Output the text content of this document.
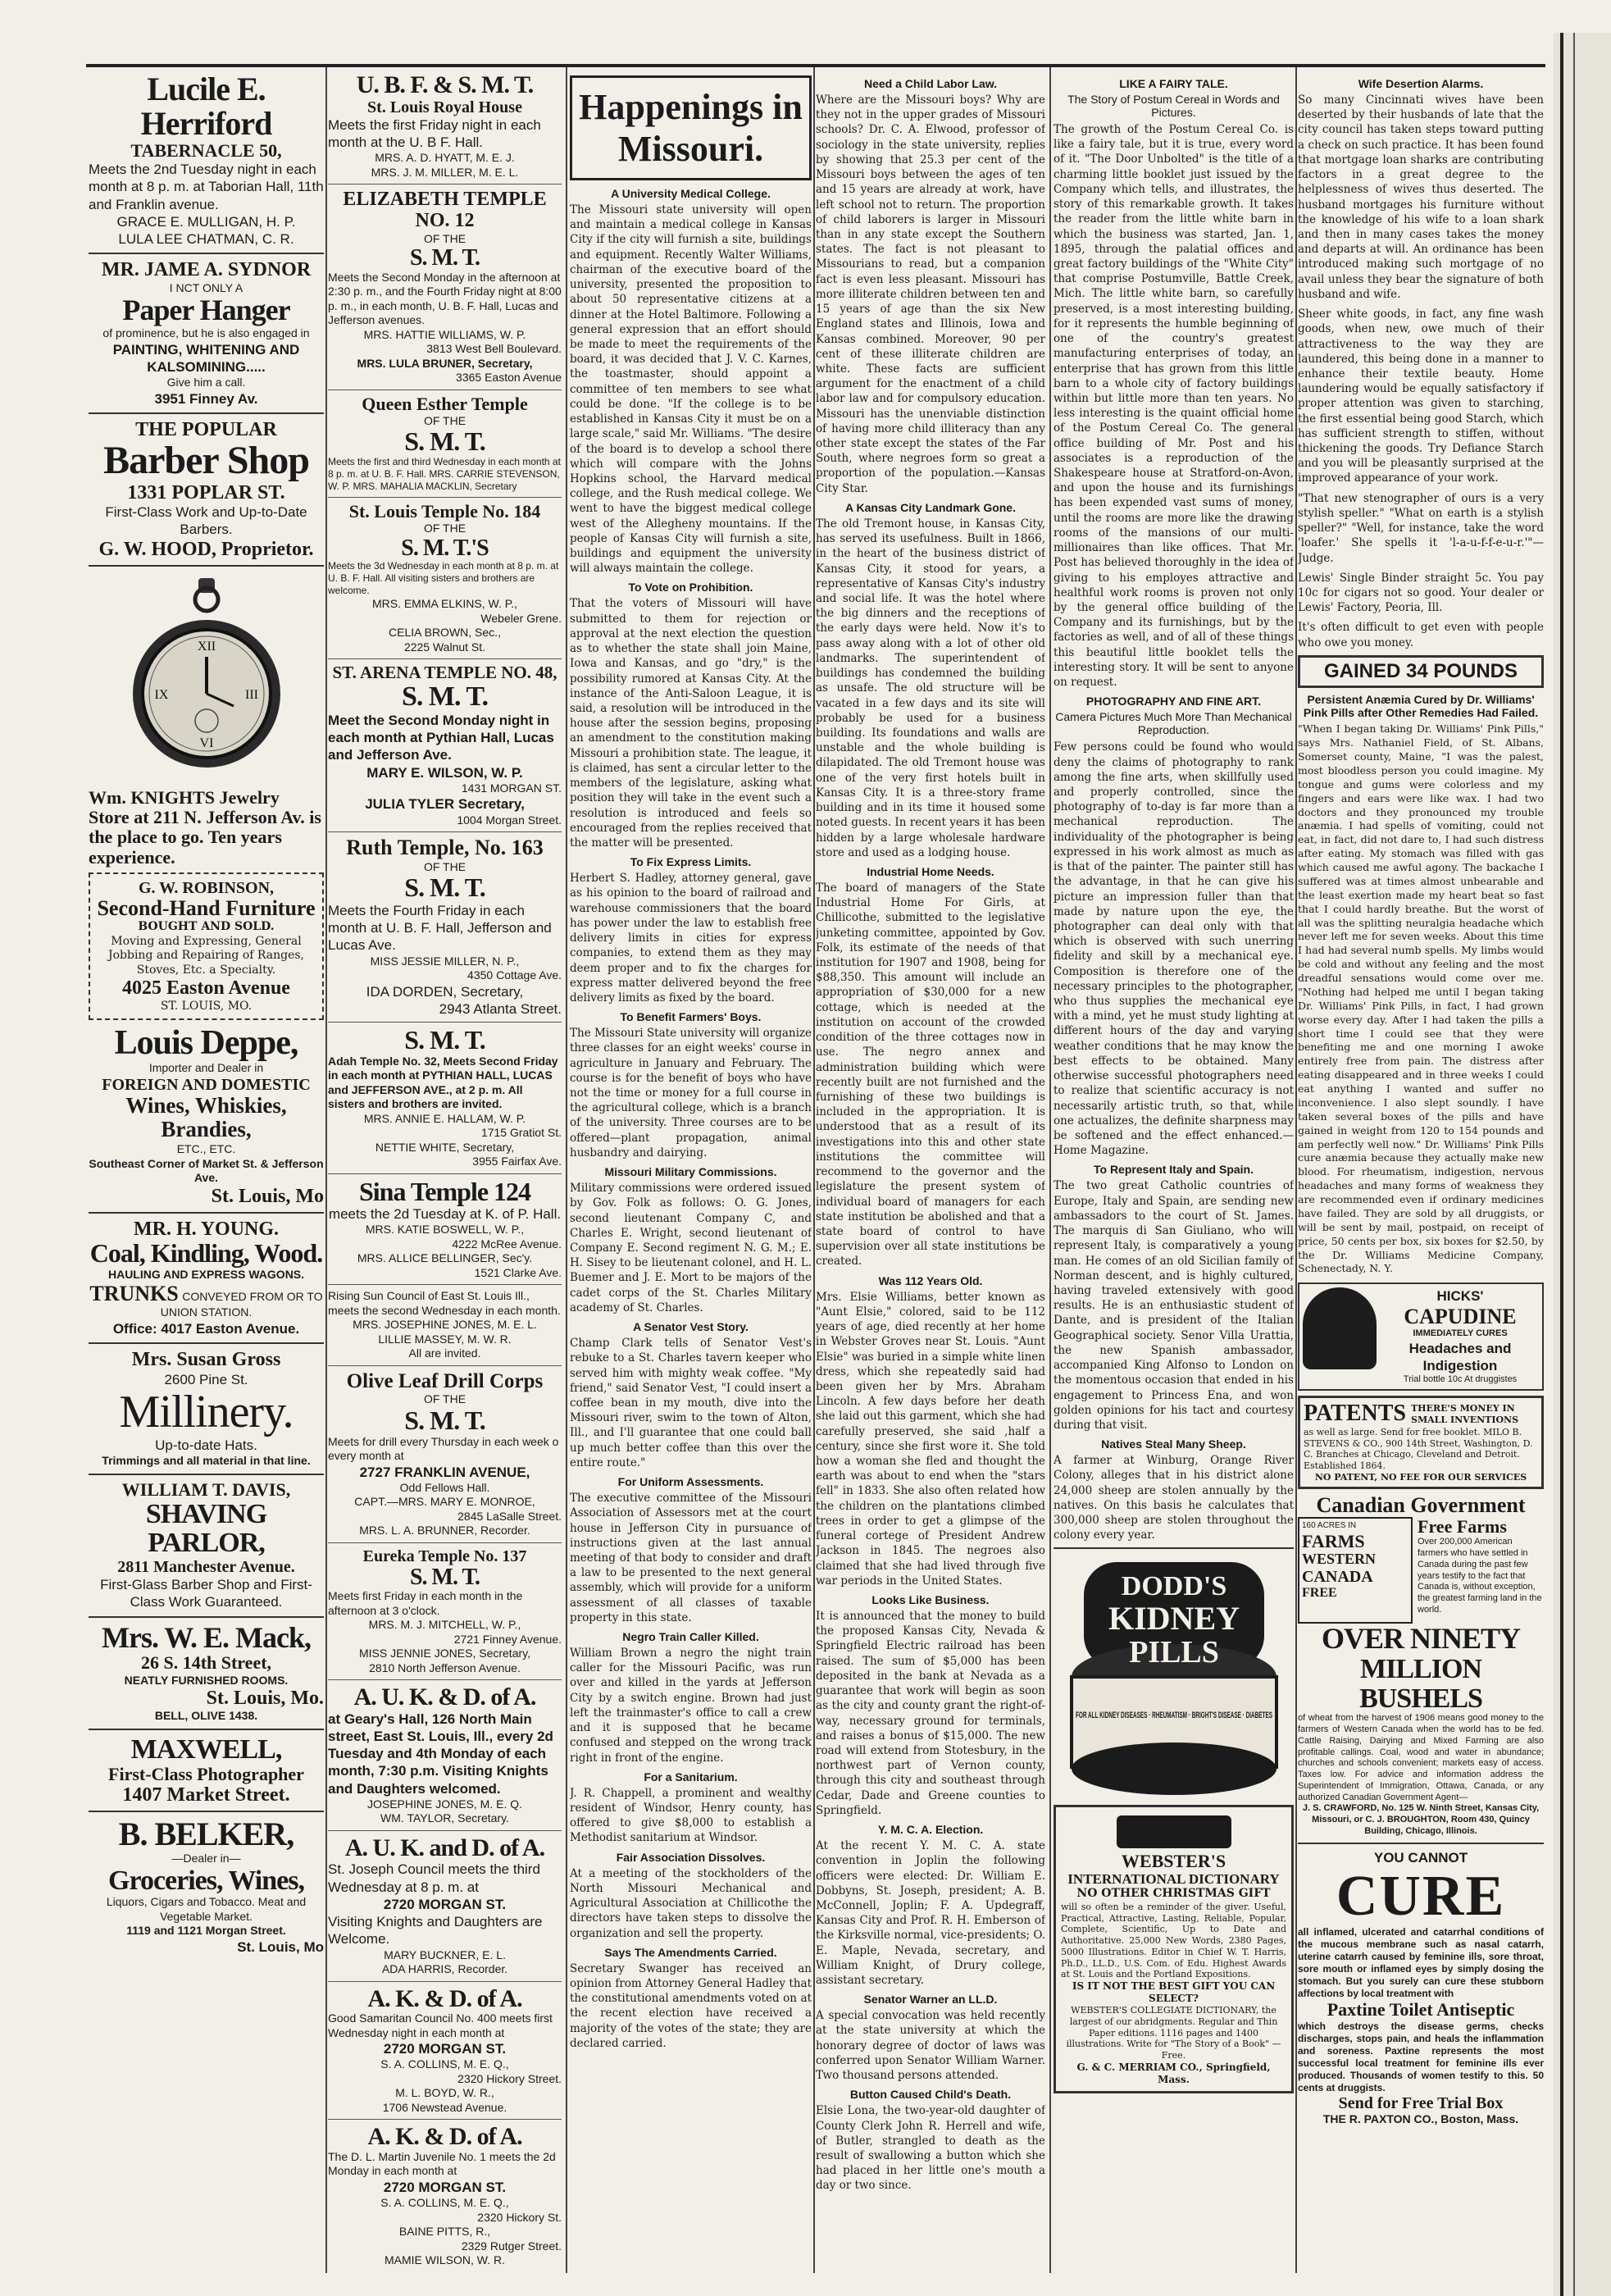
Lucile E. Herriford

TABERNACLE 50,

Meets the 2nd Tuesday night in each month at 8 p. m. at Taborian Hall, 11th and Franklin avenue.

GRACE E. MULLIGAN, H. P.
LULA LEE CHATMAN, C. R.

MR. JAME A. SYDNOR

I NCT ONLY A

Paper Hanger

of prominence, but he is also engaged in

PAINTING, WHITENING AND KALSOMINING.....

Give him a call.

3951 Finney Av.

THE POPULAR

Barber Shop

1331 POPLAR ST.

First-Class Work and Up-to-Date Barbers.

G. W. HOOD, Proprietor.

XII
III
VI
IX

Wm. KNIGHTS Jewelry Store at 211 N. Jefferson Av. is the place to go. Ten years experience.

G. W. ROBINSON,

Second-Hand Furniture

BOUGHT AND SOLD.

Moving and Expressing, General Jobbing and Repairing of Ranges, Stoves, Etc. a Specialty.

4025 Easton Avenue

ST. LOUIS, MO.

Louis Deppe,

Importer and Dealer in

FOREIGN AND DOMESTIC

Wines, Whiskies, Brandies,

ETC., ETC.

Southeast Corner of Market St. & Jefferson Ave.

St. Louis, Mo

MR. H. YOUNG.

Coal, Kindling, Wood.

HAULING AND EXPRESS WAGONS.

TRUNKS CONVEYED FROM OR TO UNION STATION.

Office: 4017 Easton Avenue.

Mrs. Susan Gross

2600 Pine St.

Millinery.

Up-to-date Hats.

Trimmings and all material in that line.

WILLIAM T. DAVIS,

SHAVING PARLOR,

2811 Manchester Avenue.

First-Glass Barber Shop and First-Class Work Guaranteed.

Mrs. W. E. Mack,

26 S. 14th Street,

NEATLY FURNISHED ROOMS.

St. Louis, Mo.

BELL, OLIVE 1438.

MAXWELL,

First-Class Photographer

1407 Market Street.

B. BELKER,

—Dealer in—

Groceries, Wines,

Liquors, Cigars and Tobacco. Meat and Vegetable Market.

1119 and 1121 Morgan Street.

St. Louis, Mo

U. B. F. & S. M. T.

St. Louis Royal House

Meets the first Friday night in each month at the U. B F. Hall.

MRS. A. D. HYATT, M. E. J.
MRS. J. M. MILLER, M. E. L.

ELIZABETH TEMPLE NO. 12

OF THE

S. M. T.

Meets the Second Monday in the afternoon at 2:30 p. m., and the Fourth Friday night at 8:00 p. m., in each month, U. B. F. Hall, Lucas and Jefferson avenues.

MRS. HATTIE WILLIAMS, W. P.

3813 West Bell Boulevard.

MRS. LULA BRUNER, Secretary,

3365 Easton Avenue

Queen Esther Temple

OF THE

S. M. T.

Meets the first and third Wednesday in each month at 8 p. m. at U. B. F. Hall. MRS. CARRIE STEVENSON, W. P. MRS. MAHALIA MACKLIN, Secretary

St. Louis Temple No. 184

OF THE

S. M. T.'S

Meets the 3d Wednesday in each month at 8 p. m. at U. B. F. Hall. All visiting sisters and brothers are welcome.

MRS. EMMA ELKINS, W. P.,

Webeler Grene.

CELIA BROWN, Sec.,

2225 Walnut St.

ST. ARENA TEMPLE NO. 48,

S. M. T.

Meet the Second Monday night in each month at Pythian Hall, Lucas and Jefferson Ave.

MARY E. WILSON, W. P.

1431 MORGAN ST.

JULIA TYLER Secretary,

1004 Morgan Street.

Ruth Temple, No. 163

OF THE

S. M. T.

Meets the Fourth Friday in each month at U. B. F. Hall, Jefferson and Lucas Ave.

MISS JESSIE MILLER, N. P.,

4350 Cottage Ave.

IDA DORDEN, Secretary,

2943 Atlanta Street.

S. M. T.

Adah Temple No. 32, Meets Second Friday in each month at PYTHIAN HALL, LUCAS and JEFFERSON AVE., at 2 p. m. All sisters and brothers are invited.

MRS. ANNIE E. HALLAM, W. P.

1715 Gratiot St.

NETTIE WHITE, Secretary,

3955 Fairfax Ave.

Sina Temple 124

meets the 2d Tuesday at K. of P. Hall.

MRS. KATIE BOSWELL, W. P.,

4222 McRee Avenue.

MRS. ALLICE BELLINGER, Sec'y.

1521 Clarke Ave.

Rising Sun Council of East St. Louis Ill., meets the second Wednesday in each month.

MRS. JOSEPHINE JONES, M. E. L.
LILLIE MASSEY, M. W. R.

All are invited.

Olive Leaf Drill Corps

OF THE

S. M. T.

Meets for drill every Thursday in each week o every month at

2727 FRANKLIN AVENUE,

Odd Fellows Hall.

CAPT.—MRS. MARY E. MONROE,

2845 LaSalle Street.

MRS. L. A. BRUNNER, Recorder.

Eureka Temple No. 137

S. M. T.

Meets first Friday in each month in the afternoon at 3 o'clock.

MRS. M. J. MITCHELL, W. P.,

2721 Finney Avenue.

MISS JENNIE JONES, Secretary,

2810 North Jefferson Avenue.

A. U. K. & D. of A.

at Geary's Hall, 126 North Main street, East St. Louis, Ill., every 2d Tuesday and 4th Monday of each month, 7:30 p.m. Visiting Knights and Daughters welcomed.

JOSEPHINE JONES, M. E. Q.
WM. TAYLOR, Secretary.

A. U. K. and D. of A.

St. Joseph Council meets the third Wednesday at 8 p. m. at

2720 MORGAN ST.

Visiting Knights and Daughters are Welcome.

MARY BUCKNER, E. L.

ADA HARRIS, Recorder.

A. K. & D. of A.

Good Samaritan Council No. 400 meets first Wednesday night in each month at

2720 MORGAN ST.

S. A. COLLINS, M. E. Q.,

2320 Hickory Street.

M. L. BOYD, W. R.,

1706 Newstead Avenue.

A. K. & D. of A.

The D. L. Martin Juvenile No. 1 meets the 2d Monday in each month at

2720 MORGAN ST.

S. A. COLLINS, M. E. Q.,

2320 Hickory St.

BAINE PITTS, R.,

2329 Rutger Street.

MAMIE WILSON, W. R.

Happenings in Missouri.

A University Medical College.

The Missouri state university will open and maintain a medical college in Kansas City if the city will furnish a site, buildings and equipment. Recently Walter Williams, chairman of the executive board of the university, presented the proposition to about 50 representative citizens at a dinner at the Hotel Baltimore. Following a general expression that an effort should be made to meet the requirements of the board, it was decided that J. V. C. Karnes, the toastmaster, should appoint a committee of ten members to see what could be done. "If the college is to be established in Kansas City it must be on a large scale," said Mr. Williams. "The desire of the board is to develop a school there which will compare with the Johns Hopkins school, the Harvard medical college, and the Rush medical college. We went to have the biggest medical college west of the Allegheny mountains. If the people of Kansas City will furnish a site, buildings and equipment the university will always maintain the college.

To Vote on Prohibition.

That the voters of Missouri will have submitted to them for rejection or approval at the next election the question as to whether the state shall join Maine, Iowa and Kansas, and go "dry," is the possibility rumored at Kansas City. At the instance of the Anti-Saloon League, it is said, a resolution will be introduced in the house after the session begins, proposing an amendment to the constitution making Missouri a prohibition state. The league, it is claimed, has sent a circular letter to the members of the legislature, asking what position they will take in the event such a resolution is introduced and feels so encouraged from the replies received that the matter will be presented.

To Fix Express Limits.

Herbert S. Hadley, attorney general, gave as his opinion to the board of railroad and warehouse commissioners that the board has power under the law to establish free delivery limits in cities for express companies, to extend them as they may deem proper and to fix the charges for express matter delivered beyond the free delivery limits as fixed by the board.

To Benefit Farmers' Boys.

The Missouri State university will organize three classes for an eight weeks' course in agriculture in January and February. The course is for the benefit of boys who have not the time or money for a full course in the agricultural college, which is a branch of the university. Three courses are to be offered—plant propagation, animal husbandry and dairying.

Missouri Military Commissions.

Military commissions were ordered issued by Gov. Folk as follows: O. G. Jones, second lieutenant Company C, and Charles E. Wright, second lieutenant of Company E. Second regiment N. G. M.; E. H. Sisey to be lieutenant colonel, and H. L. Buemer and J. E. Mort to be majors of the cadet corps of the St. Charles Military academy of St. Charles.

A Senator Vest Story.

Champ Clark tells of Senator Vest's rebuke to a St. Charles tavern keeper who served him with mighty weak coffee. "My friend," said Senator Vest, "I could insert a coffee bean in my mouth, dive into the Missouri river, swim to the town of Alton, Ill., and I'll guarantee that one could ball up much better coffee than this over the entire route."

For Uniform Assessments.

The executive committee of the Missouri Association of Assessors met at the court house in Jefferson City in pursuance of instructions given at the last annual meeting of that body to consider and draft a law to be presented to the next general assembly, which will provide for a uniform assessment of all classes of taxable property in this state.

Negro Train Caller Killed.

William Brown a negro the night train caller for the Missouri Pacific, was run over and killed in the yards at Jefferson City by a switch engine. Brown had just left the trainmaster's office to call a crew and it is supposed that he became confused and stepped on the wrong track right in front of the engine.

For a Sanitarium.

J. R. Chappell, a prominent and wealthy resident of Windsor, Henry county, has offered to give $8,000 to establish a Methodist sanitarium at Windsor.

Fair Association Dissolves.

At a meeting of the stockholders of the North Missouri Mechanical and Agricultural Association at Chillicothe the directors have taken steps to dissolve the organization and sell the property.

Says The Amendments Carried.

Secretary Swanger has received an opinion from Attorney General Hadley that the constitutional amendments voted on at the recent election have received a majority of the votes of the state; they are declared carried.

Need a Child Labor Law.

Where are the Missouri boys? Why are they not in the upper grades of Missouri schools? Dr. C. A. Elwood, professor of sociology in the state university, replies by showing that 25.3 per cent of the Missouri boys between the ages of ten and 15 years are already at work, have left school not to return. The proportion of child laborers is larger in Missouri than in any state except the Southern states. The fact is not pleasant to Missourians to read, but a companion fact is even less pleasant. Missouri has more illiterate children between ten and 15 years of age than the six New England states and Illinois, Iowa and Kansas combined. Moreover, 90 per cent of these illiterate children are white. These facts are sufficient argument for the enactment of a child labor law and for compulsory education. Missouri has the unenviable distinction of having more child illiteracy than any other state except the states of the Far South, where negroes form so great a proportion of the population.—Kansas City Star.

A Kansas City Landmark Gone.

The old Tremont house, in Kansas City, has served its usefulness. Built in 1866, in the heart of the business district of Kansas City, it stood for years, a representative of Kansas City's industry and social life. It was the hotel where the big dinners and the receptions of the early days were held. Now it's to pass away along with a lot of other old landmarks. The superintendent of buildings has condemned the building as unsafe. The old structure will be vacated in a few days and its site will probably be used for a business building. Its foundations and walls are unstable and the whole building is dilapidated. The old Tremont house was one of the very first hotels built in Kansas City. It is a three-story frame building and in its time it housed some noted guests. In recent years it has been hidden by a large wholesale hardware store and used as a lodging house.

Industrial Home Needs.

The board of managers of the State Industrial Home For Girls, at Chillicothe, submitted to the legislative junketing committee, appointed by Gov. Folk, its estimate of the needs of that institution for 1907 and 1908, being for $88,350. This amount will include an appropriation of $30,000 for a new cottage, which is needed at the institution on account of the crowded condition of the three cottages now in use. The negro annex and administration building which were recently built are not furnished and the furnishing of these two buildings is included in the appropriation. It is understood that as a result of its investigations into this and other state institutions the committee will recommend to the governor and the legislature the present system of individual board of managers for each state institution be abolished and that a state board of control to have supervision over all state institutions be created.

Was 112 Years Old.

Mrs. Elsie Williams, better known as "Aunt Elsie," colored, said to be 112 years of age, died recently at her home in Webster Groves near St. Louis. "Aunt Elsie" was buried in a simple white linen dress, which she repeatedly said had been given her by Mrs. Abraham Lincoln. A few days before her death she laid out this garment, which she had carefully preserved, she said ,half a century, since she first wore it. She told how a woman she fled and thought the earth was about to end when the "stars fell" in 1833. She also often related how the children on the plantations climbed trees in order to get a glimpse of the funeral cortege of President Andrew Jackson in 1845. The negroes also claimed that she had lived through five war periods in the United States.

Looks Like Business.

It is announced that the money to build the proposed Kansas City, Nevada & Springfield Electric railroad has been raised. The sum of $5,000 has been deposited in the bank at Nevada as a guarantee that work will begin as soon as the city and county grant the right-of-way, necessary ground for terminals, and raises a bonus of $15,000. The new road will extend from Stotesbury, in the northwest part of Vernon county, through this city and southeast through Cedar, Dade and Greene counties to Springfield.

Y. M. C. A. Election.

At the recent Y. M. C. A. state convention in Joplin the following officers were elected: Dr. William E. Dobbyns, St. Joseph, president; A. B. McConnell, Joplin; F. A. Updegraff, Kansas City and Prof. R. H. Emberson of the Kirksville normal, vice-presidents; O. E. Maple, Nevada, secretary, and William Knight, of Drury college, assistant secretary.

Senator Warner an LL.D.

A special convocation was held recently at the state university at which the honorary degree of doctor of laws was conferred upon Senator William Warner. Two thousand persons attended.

Button Caused Child's Death.

Elsie Lona, the two-year-old daughter of County Clerk John R. Herrell and wife, of Butler, strangled to death as the result of swallowing a button which she had placed in her little one's mouth a day or two since.

LIKE A FAIRY TALE.

The Story of Postum Cereal in Words and Pictures.

The growth of the Postum Cereal Co. is like a fairy tale, but it is true, every word of it. "The Door Unbolted" is the title of a charming little booklet just issued by the Company which tells, and illustrates, the story of this remarkable growth. It takes the reader from the little white barn in which the business was started, Jan. 1, 1895, through the palatial offices and great factory buildings of the "White City" that comprise Postumville, Battle Creek, Mich. The little white barn, so carefully preserved, is a most interesting building, for it represents the humble beginning of one of the country's greatest manufacturing enterprises of today, an enterprise that has grown from this little barn to a whole city of factory buildings within but little more than ten years. No less interesting is the quaint official home of the Postum Cereal Co. The general office building of Mr. Post and his associates is a reproduction of the Shakespeare house at Stratford-on-Avon, and upon the house and its furnishings has been expended vast sums of money, until the rooms are more like the drawing rooms of the mansions of our multi-millionaires than like offices. That Mr. Post has believed thoroughly in the idea of giving to his employes attractive and healthful work rooms is proven not only by the general office building of the Company and its furnishings, but by the factories as well, and of all of these things this beautiful little booklet tells the interesting story. It will be sent to anyone on request.

PHOTOGRAPHY AND FINE ART.

Camera Pictures Much More Than Mechanical Reproduction.

Few persons could be found who would deny the claims of photography to rank among the fine arts, when skillfully used and properly controlled, since the photography of to-day is far more than a mechanical reproduction. The individuality of the photographer is being expressed in his work almost as much as is that of the painter. The painter still has the advantage, in that he can give his picture an impression fuller than that made by nature upon the eye, the photographer can deal only with that which is observed with such unerring fidelity and skill by a mechanical eye. Composition is therefore one of the necessary principles to the photographer, who thus supplies the mechanical eye with a mind, yet he must study lighting at different hours of the day and varying weather conditions that he may know the best effects to be obtained. Many otherwise successful photographers need to realize that scientific accuracy is not necessarily artistic truth, so that, while one actualizes, the definite sharpness may be softened and the effect enhanced.—Home Magazine.

To Represent Italy and Spain.

The two great Catholic countries of Europe, Italy and Spain, are sending new ambassadors to the court of St. James. The marquis di San Giuliano, who will represent Italy, is comparatively a young man. He comes of an old Sicilian family of Norman descent, and is highly cultured, having traveled extensively with good results. He is an enthusiastic student of Dante, and is president of the Italian Geographical society. Senor Villa Urattia, the new Spanish ambassador, accompanied King Alfonso to London on the momentous occasion that ended in his engagement to Princess Ena, and won golden opinions for his tact and courtesy during that visit.

Natives Steal Many Sheep.

A farmer at Winburg, Orange River Colony, alleges that in his district alone 24,000 sheep are stolen annually by the natives. On this basis he calculates that 300,000 sheep are stolen throughout the colony every year.

DODD'S
KIDNEY
PILLS
FOR ALL KIDNEY DISEASES · RHEUMATISM · BRIGHT'S DISEASE · DIABETES

WEBSTER'S

INTERNATIONAL DICTIONARY

NO OTHER CHRISTMAS GIFT

will so often be a reminder of the giver. Useful, Practical, Attractive, Lasting, Reliable, Popular, Complete, Scientific, Up to Date and Authoritative. 25,000 New Words, 2380 Pages, 5000 Illustrations. Editor in Chief W. T. Harris, Ph.D., LL.D., U.S. Com. of Edu. Highest Awards at St. Louis and the Portland Expositions.

IS IT NOT THE BEST GIFT YOU CAN SELECT?

WEBSTER'S COLLEGIATE DICTIONARY, the largest of our abridgments. Regular and Thin Paper editions. 1116 pages and 1400 illustrations. Write for "The Story of a Book" — Free.

G. & C. MERRIAM CO., Springfield, Mass.

Wife Desertion Alarms.

So many Cincinnati wives have been deserted by their husbands of late that the city council has taken steps toward putting a check on such practice. It has been found that mortgage loan sharks are contributing factors in a great degree to the helplessness of wives thus deserted. The husband mortgages his furniture without the knowledge of his wife to a loan shark and then in many cases takes the money and departs at will. An ordinance has been introduced making such mortgage of no avail unless they bear the signature of both husband and wife.

Sheer white goods, in fact, any fine wash goods, when new, owe much of their attractiveness to the way they are laundered, this being done in a manner to enhance their textile beauty. Home laundering would be equally satisfactory if proper attention was given to starching, the first essential being good Starch, which has sufficient strength to stiffen, without thickening the goods. Try Defiance Starch and you will be pleasantly surprised at the improved appearance of your work.

"That new stenographer of ours is a very stylish speller." "What on earth is a stylish speller?" "Well, for instance, take the word 'loafer.' She spells it 'l-a-u-f-f-e-u-r.'"—Judge.

Lewis' Single Binder straight 5c. You pay 10c for cigars not so good. Your dealer or Lewis' Factory, Peoria, Ill.

It's often difficult to get even with people who owe you money.

GAINED 34 POUNDS

Persistent Anæmia Cured by Dr. Williams' Pink Pills after Other Remedies Had Failed.

"When I began taking Dr. Williams' Pink Pills," says Mrs. Nathaniel Field, of St. Albans, Somerset county, Maine, "I was the palest, most bloodless person you could imagine. My tongue and gums were colorless and my fingers and ears were like wax. I had two doctors and they pronounced my trouble anæmia. I had spells of vomiting, could not eat, in fact, did not dare to, I had such distress after eating. My stomach was filled with gas which caused me awful agony. The backache I suffered was at times almost unbearable and the least exertion made my heart beat so fast that I could hardly breathe. But the worst of all was the splitting neuralgia headache which never left me for seven weeks. About this time I had had several numb spells. My limbs would be cold and without any feeling and the most dreadful sensations would come over me. "Nothing had helped me until I began taking Dr. Williams' Pink Pills, in fact, I had grown worse every day. After I had taken the pills a short time I could see that they were benefiting me and one morning I awoke entirely free from pain. The distress after eating disappeared and in three weeks I could eat anything I wanted and suffer no inconvenience. I also slept soundly. I have taken several boxes of the pills and have gained in weight from 120 to 154 pounds and am perfectly well now." Dr. Williams' Pink Pills cure anæmia because they actually make new blood. For rheumatism, indigestion, nervous headaches and many forms of weakness they are recommended even if ordinary medicines have failed. They are sold by all druggists, or will be sent by mail, postpaid, on receipt of price, 50 cents per box, six boxes for $2.50, by the Dr. Williams Medicine Company, Schenectady, N. Y.

HICKS'

CAPUDINE

IMMEDIATELY CURES

Headaches and

Indigestion

Trial bottle 10c At druggistes

PATENTS THERE'S MONEY IN SMALL INVENTIONS

as well as large. Send for free booklet. MILO B. STEVENS & CO., 900 14th Street, Washington, D. C. Branches at Chicago, Cleveland and Detroit. Established 1864.

NO PATENT, NO FEE FOR OUR SERVICES

Canadian Government

160 ACRES IN

FARMS

WESTERN

CANADA

FREE

Free Farms

Over 200,000 American farmers who have settled in Canada during the past few years testify to the fact that Canada is, without exception, the greatest farming land in the world.

OVER NINETY

MILLION BUSHELS

of wheat from the harvest of 1906 means good money to the farmers of Western Canada when the world has to be fed. Cattle Raising, Dairying and Mixed Farming are also profitable callings. Coal, wood and water in abundance; churches and schools convenient; markets easy of access. Taxes low. For advice and information address the Superintendent of Immigration, Ottawa, Canada, or any authorized Canadian Government Agent—

J. S. CRAWFORD, No. 125 W. Ninth Street, Kansas City, Missouri, or C. J. BROUGHTON, Room 430, Quincy Building, Chicago, Illinois.

YOU CANNOT

CURE

all inflamed, ulcerated and catarrhal conditions of the mucous membrane such as nasal catarrh, uterine catarrh caused by feminine ills, sore throat, sore mouth or inflamed eyes by simply dosing the stomach. But you surely can cure these stubborn affections by local treatment with

Paxtine Toilet Antiseptic

which destroys the disease germs, checks discharges, stops pain, and heals the inflammation and soreness. Paxtine represents the most successful local treatment for feminine ills ever produced. Thousands of women testify to this. 50 cents at druggists.

Send for Free Trial Box

THE R. PAXTON CO., Boston, Mass.
